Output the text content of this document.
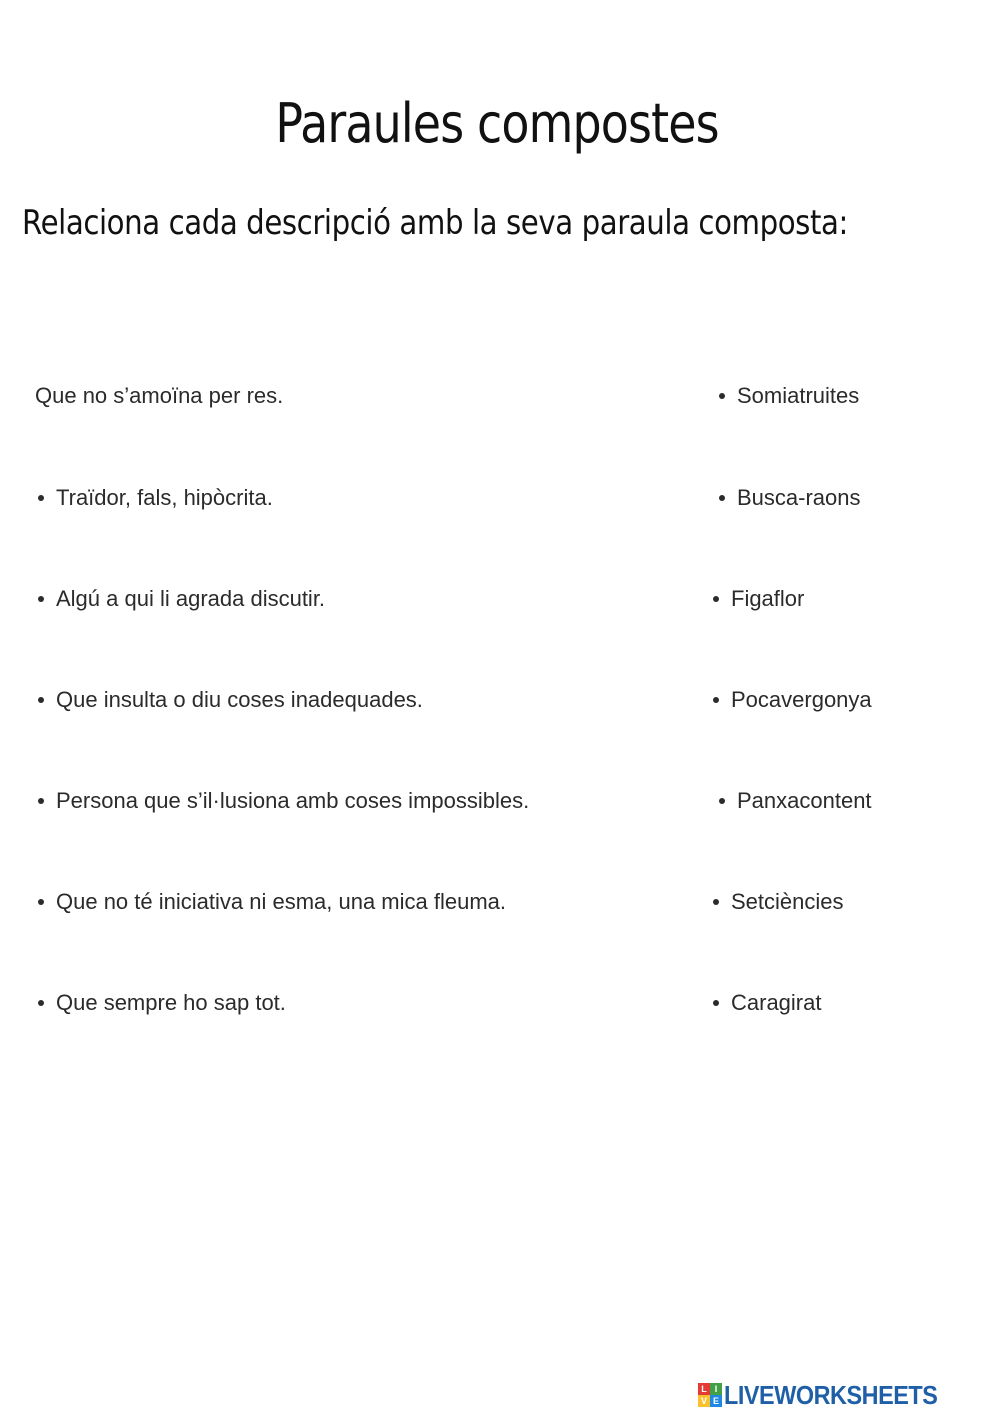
Paraules compostes
Relaciona cada descripció amb la seva paraula composta:
Que no s’amoïna per res.
Traïdor, fals, hipòcrita.
Algú a qui li agrada discutir.
Que insulta o diu coses inadequades.
Persona que s’il·lusiona amb coses impossibles.
Que no té iniciativa ni esma, una mica fleuma.
Que sempre ho sap tot.
Somiatruites
Busca-raons
Figaflor
Pocavergonya
Panxacontent
Setciències
Caragirat
L I
V E LIVEWORKSHEETS
